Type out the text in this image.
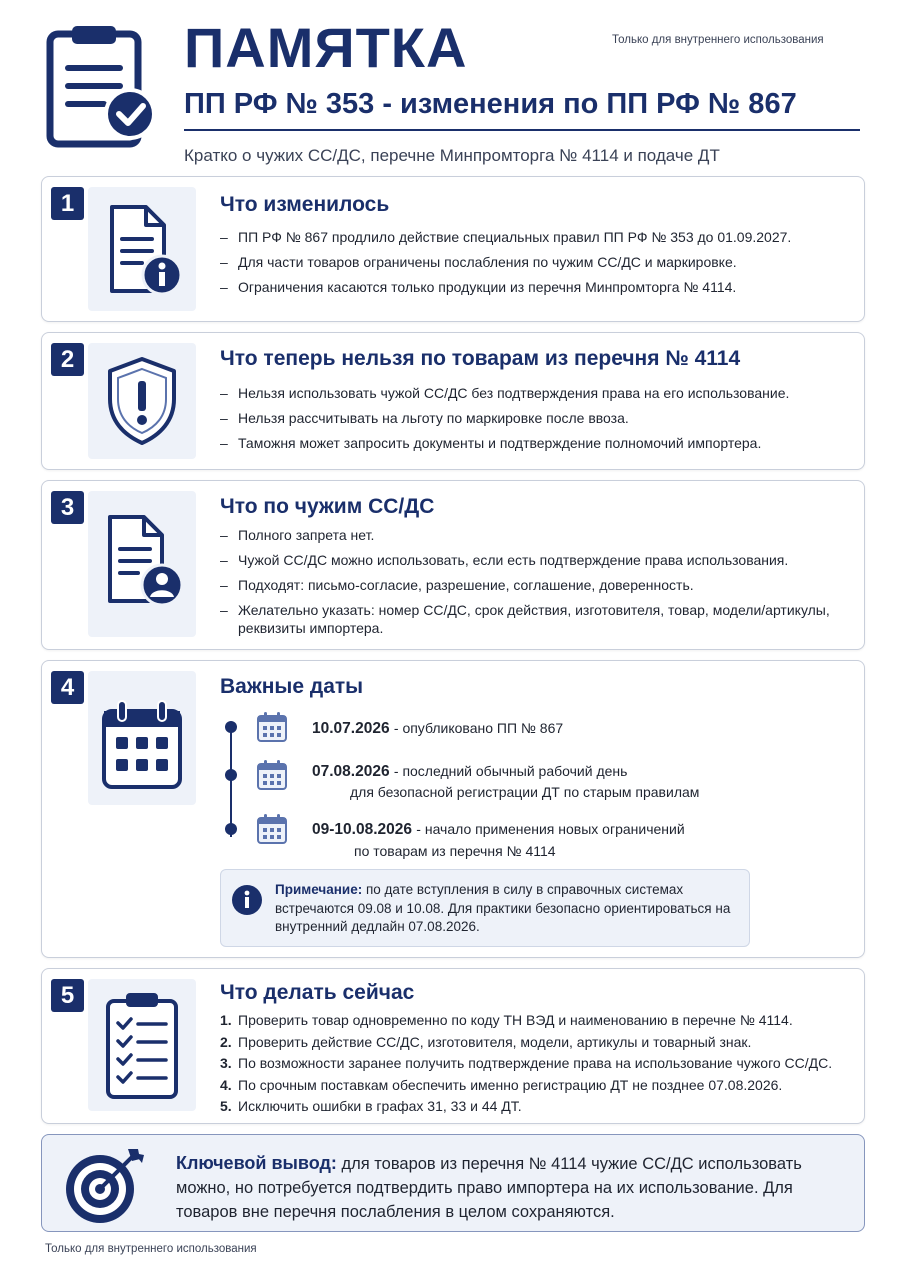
ПАМЯТКА	Только для внутреннего использования
ПП РФ № 353 - изменения по ПП РФ № 867
Кратко о чужих СС/ДС, перечне Минпромторга № 4114 и подаче ДТ
1	Что изменилось
– ПП РФ № 867 продлило действие специальных правил ПП РФ № 353 до 01.09.2027.
– Для части товаров ограничены послабления по чужим СС/ДС и маркировке.
– Ограничения касаются только продукции из перечня Минпромторга № 4114.
2	Что теперь нельзя по товарам из перечня № 4114
– Нельзя использовать чужой СС/ДС без подтверждения права на его использование.
– Нельзя рассчитывать на льготу по маркировке после ввоза.
– Таможня может запросить документы и подтверждение полномочий импортера.
3	Что по чужим СС/ДС
– Полного запрета нет.
– Чужой СС/ДС можно использовать, если есть подтверждение права использования.
– Подходят: письмо-согласие, разрешение, соглашение, доверенность.
– Желательно указать: номер СС/ДС, срок действия, изготовителя, товар, модели/артикулы, реквизиты импортера.
4	Важные даты
10.07.2026 - опубликовано ПП № 867
07.08.2026 - последний обычный рабочий день
для безопасной регистрации ДТ по старым правилам
09-10.08.2026 - начало применения новых ограничений
по товарам из перечня № 4114
Примечание: по дате вступления в силу в справочных системах встречаются 09.08 и 10.08. Для практики безопасно ориентироваться на внутренний дедлайн 07.08.2026.
5	Что делать сейчас
1. Проверить товар одновременно по коду ТН ВЭД и наименованию в перечне № 4114.
2. Проверить действие СС/ДС, изготовителя, модели, артикулы и товарный знак.
3. По возможности заранее получить подтверждение права на использование чужого СС/ДС.
4. По срочным поставкам обеспечить именно регистрацию ДТ не позднее 07.08.2026.
5. Исключить ошибки в графах 31, 33 и 44 ДТ.
Ключевой вывод: для товаров из перечня № 4114 чужие СС/ДС использовать можно, но потребуется подтвердить право импортера на их использование. Для товаров вне перечня послабления в целом сохраняются.
Только для внутреннего использования
